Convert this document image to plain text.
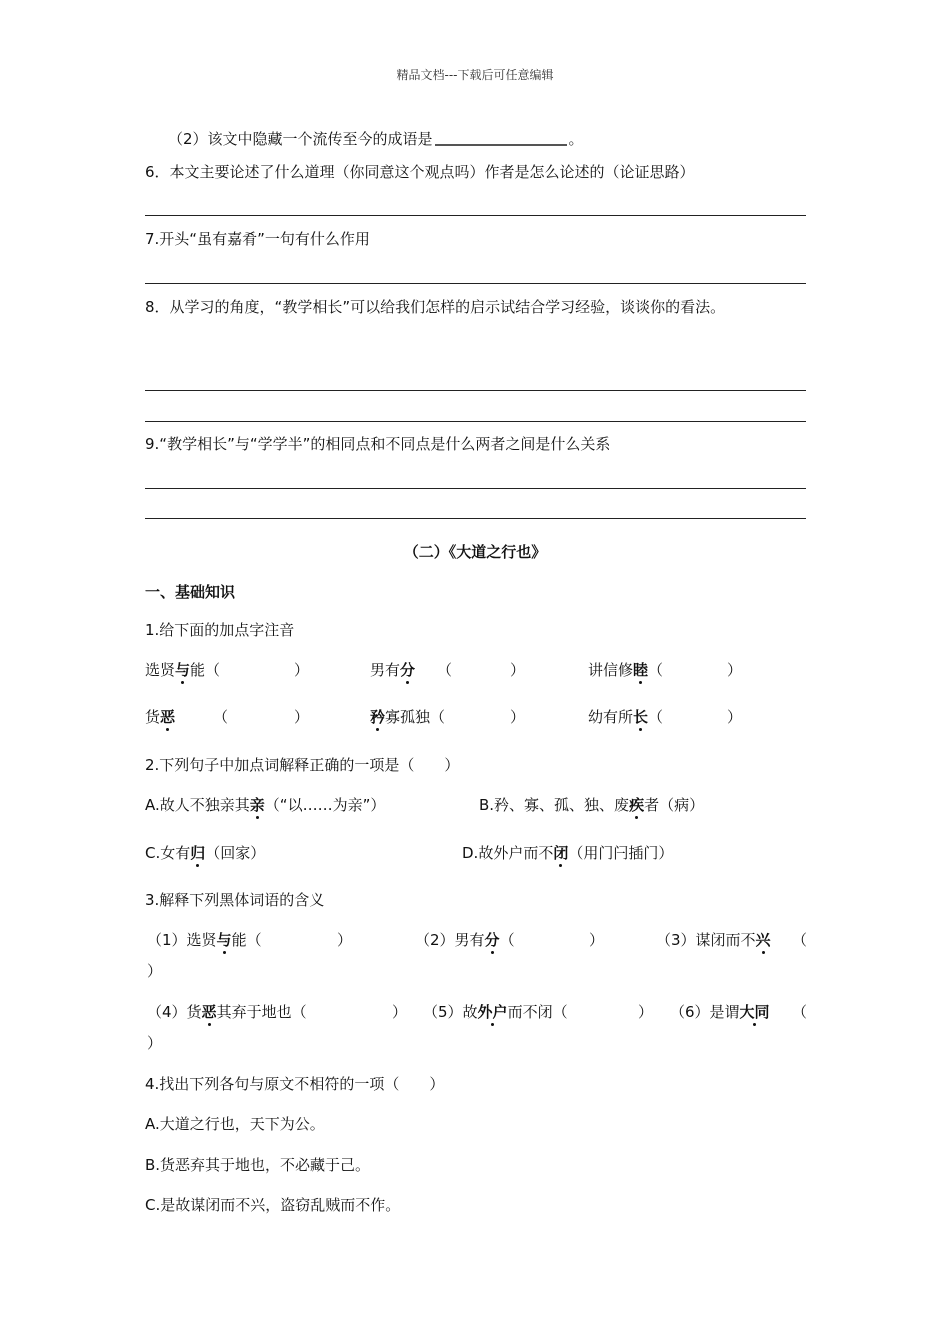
精品文档---下载后可任意编辑
（2）该文中隐藏一个流传至今的成语是	。
6．本文主要论述了什么道理（你同意这个观点吗）作者是怎么论述的（论证思路）
7.开头“虽有嘉肴”一句有什么作用
8．从学习的角度，“教学相长”可以给我们怎样的启示试结合学习经验，谈谈你的看法。
9.“教学相长”与“学学半”的相同点和不同点是什么两者之间是什么关系
（二）《大道之行也》
一、基础知识
1.给下面的加点字注音
选贤与能（	）	男有分 （	）	讲信修睦（	）
货恶	（	）	矜寡孤独（	）	幼有所长（	）
2.下列句子中加点词解释正确的一项是（　　）
A.故人不独亲其亲（“以……为亲”）	B.矜、寡、孤、独、废疾者（病）
C.女有归（回家）	D.故外户而不闭（用门闩插门）
3.解释下列黑体词语的含义
（1）选贤与能（	）	（2）男有分（	）	（3）谋闭而不兴 （
）
（4）货恶其弃于地也（	） （5）故外户而不闭（	） （6）是谓大同 （
）
4.找出下列各句与原文不相符的一项（　　）
A.大道之行也，天下为公。
B.货恶弃其于地也，不必藏于己。
C.是故谋闭而不兴，盗窃乱贼而不作。
